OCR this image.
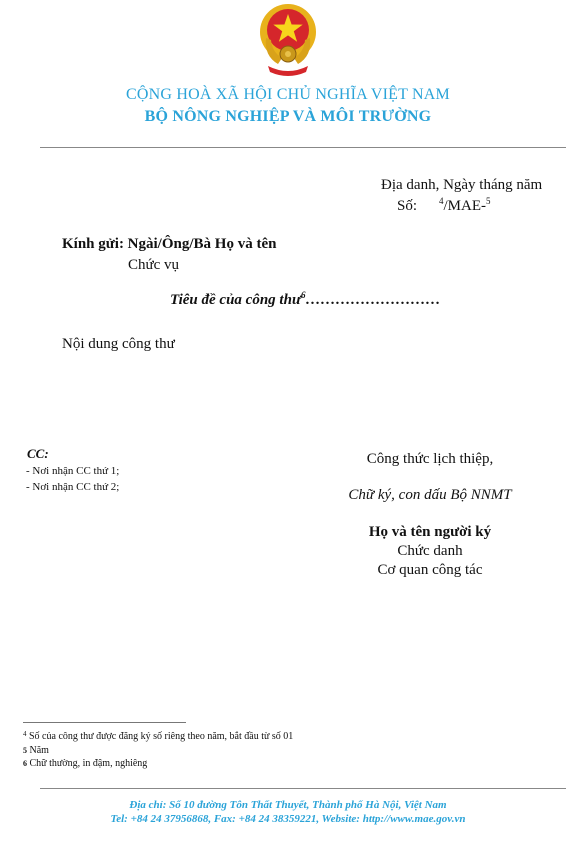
CỘNG HOÀ XÃ HỘI CHỦ NGHĨA VIỆT NAM
BỘ NÔNG NGHIỆP VÀ MÔI TRƯỜNG
Địa danh, Ngày tháng năm
Số: $^4$/MAE-$^5$
Kính gửi: Ngài/Ông/Bà Họ và tên
Chức vụ
Tiêu đề của công thư$^6$………………………
Nội dung công thư
CC:
- Nơi nhận CC thứ 1;
- Nơi nhận CC thứ 2;
Công thức lịch thiệp,
Chữ ký, con dấu Bộ NNMT
Họ và tên người ký
Chức danh
Cơ quan công tác
$^4$ Số của công thư được đăng ký số riêng theo năm, bắt đầu từ số 01
5 Năm
6 Chữ thường, in đậm, nghiêng
Địa chỉ: Số 10 đường Tôn Thất Thuyết, Thành phố Hà Nội, Việt Nam
Tel: +84 24 37956868, Fax: +84 24 38359221, Website: http://www.mae.gov.vn
